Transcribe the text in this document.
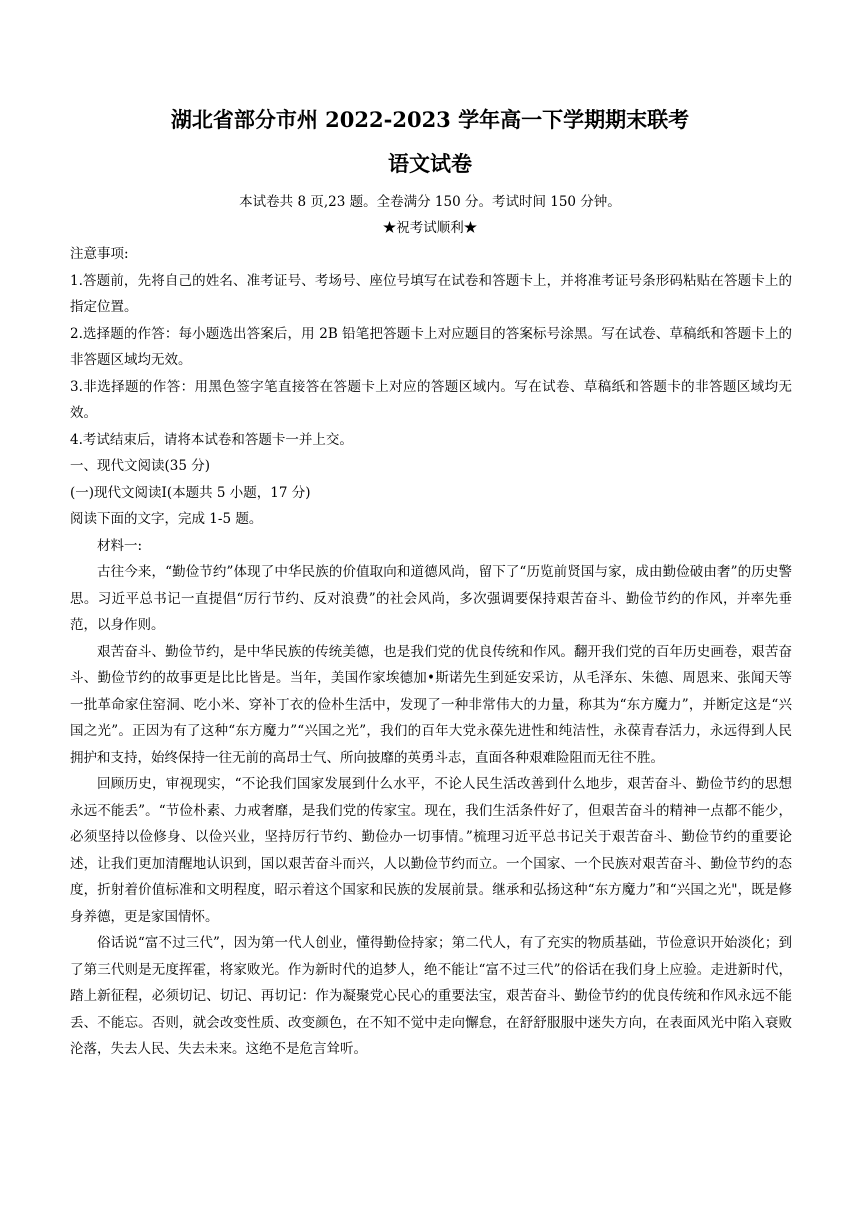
湖北省部分市州 2022-2023 学年高一下学期期末联考
语文试卷
本试卷共 8 页,23 题。全卷满分 150 分。考试时间 150 分钟。
★祝考试顺利★

注意事项:

1.答题前，先将自己的姓名、准考证号、考场号、座位号填写在试卷和答题卡上，并将准考证号条形码粘贴在答题卡上的指定位置。

2.选择题的作答：每小题选出答案后，用 2B 铅笔把答题卡上对应题目的答案标号涂黑。写在试卷、草稿纸和答题卡上的非答题区域均无效。

3.非选择题的作答：用黑色签字笔直接答在答题卡上对应的答题区域内。写在试卷、草稿纸和答题卡的非答题区域均无效。

4.考试结束后，请将本试卷和答题卡一并上交。

一、现代文阅读(35 分)

(一)现代文阅读Ⅰ(本题共 5 小题，17 分)

阅读下面的文字，完成 1-5 题。

材料一:

古往今来，“勤俭节约”体现了中华民族的价值取向和道德风尚，留下了“历览前贤国与家，成由勤俭破由奢”的历史警思。习近平总书记一直提倡“厉行节约、反对浪费”的社会风尚，多次强调要保持艰苦奋斗、勤俭节约的作风，并率先垂范，以身作则。

艰苦奋斗、勤俭节约，是中华民族的传统美德，也是我们党的优良传统和作风。翻开我们党的百年历史画卷，艰苦奋斗、勤俭节约的故事更是比比皆是。当年，美国作家埃德加•斯诺先生到延安采访，从毛泽东、朱德、周恩来、张闻天等一批革命家住窑洞、吃小米、穿补丁衣的俭朴生活中，发现了一种非常伟大的力量，称其为“东方魔力”，并断定这是“兴国之光”。正因为有了这种“东方魔力”“兴国之光”，我们的百年大党永葆先进性和纯洁性，永葆青春活力，永远得到人民拥护和支持，始终保持一往无前的高昂士气、所向披靡的英勇斗志，直面各种艰难险阻而无往不胜。

回顾历史，审视现实，“不论我们国家发展到什么水平，不论人民生活改善到什么地步，艰苦奋斗、勤俭节约的思想永远不能丢”。“节俭朴素、力戒奢靡，是我们党的传家宝。现在，我们生活条件好了，但艰苦奋斗的精神一点都不能少，必须坚持以俭修身、以俭兴业，坚持厉行节约、勤俭办一切事情。”梳理习近平总书记关于艰苦奋斗、勤俭节约的重要论述，让我们更加清醒地认识到，国以艰苦奋斗而兴，人以勤俭节约而立。一个国家、一个民族对艰苦奋斗、勤俭节约的态度，折射着价值标准和文明程度，昭示着这个国家和民族的发展前景。继承和弘扬这种“东方魔力”和“兴国之光"，既是修身养德，更是家国情怀。

俗话说“富不过三代”，因为第一代人创业，懂得勤俭持家；第二代人，有了充实的物质基础，节俭意识开始淡化；到了第三代则是无度挥霍，将家败光。作为新时代的追梦人，绝不能让“富不过三代”的俗话在我们身上应验。走进新时代，踏上新征程，必须切记、切记、再切记：作为凝聚党心民心的重要法宝，艰苦奋斗、勤俭节约的优良传统和作风永远不能丢、不能忘。否则，就会改变性质、改变颜色，在不知不觉中走向懈怠，在舒舒服服中迷失方向，在表面风光中陷入衰败沦落，失去人民、失去未来。这绝不是危言耸听。
